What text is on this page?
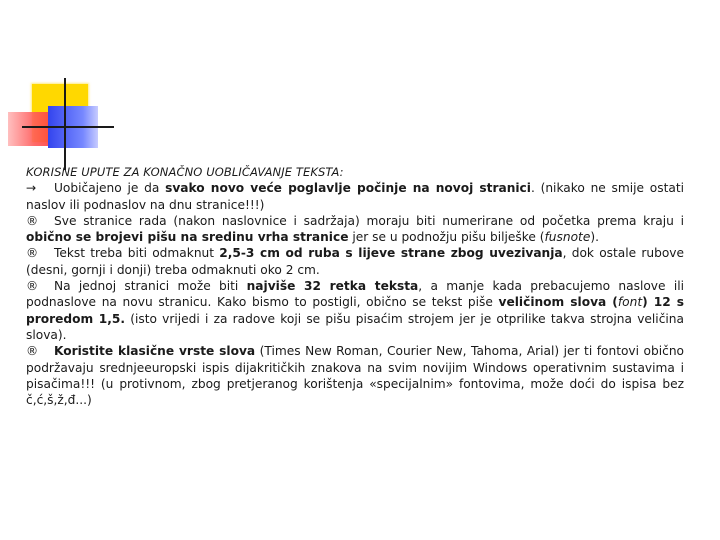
KORISNE UPUTE ZA KONAČNO UOBLIČAVANJE TEKSTA:

→ Uobičajeno je da svako novo veće poglavlje počinje na novoj stranici. (nikako ne smije ostati naslov ili podnaslov na dnu stranice!!!)

® Sve stranice rada (nakon naslovnice i sadržaja) moraju biti numerirane od početka prema kraju i obično se brojevi pišu na sredinu vrha stranice jer se u podnožju pišu bilješke (fusnote).

® Tekst treba biti odmaknut 2,5-3 cm od ruba s lijeve strane zbog uvezivanja, dok ostale rubove (desni, gornji i donji) treba odmaknuti oko 2 cm.

® Na jednoj stranici može biti najviše 32 retka teksta, a manje kada prebacujemo naslove ili podnaslove na novu stranicu. Kako bismo to postigli, obično se tekst piše veličinom slova (font) 12 s proredom 1,5. (isto vrijedi i za radove koji se pišu pisaćim strojem jer je otprilike takva strojna veličina slova).

® Koristite klasične vrste slova (Times New Roman, Courier New, Tahoma, Arial) jer ti fontovi obično podržavaju srednjeeuropski ispis dijakritičkih znakova na svim novijim Windows operativnim sustavima i pisačima!!! (u protivnom, zbog pretjeranog korištenja «specijalnim» fontovima, može doći do ispisa bez č,ć,š,ž,đ...)
